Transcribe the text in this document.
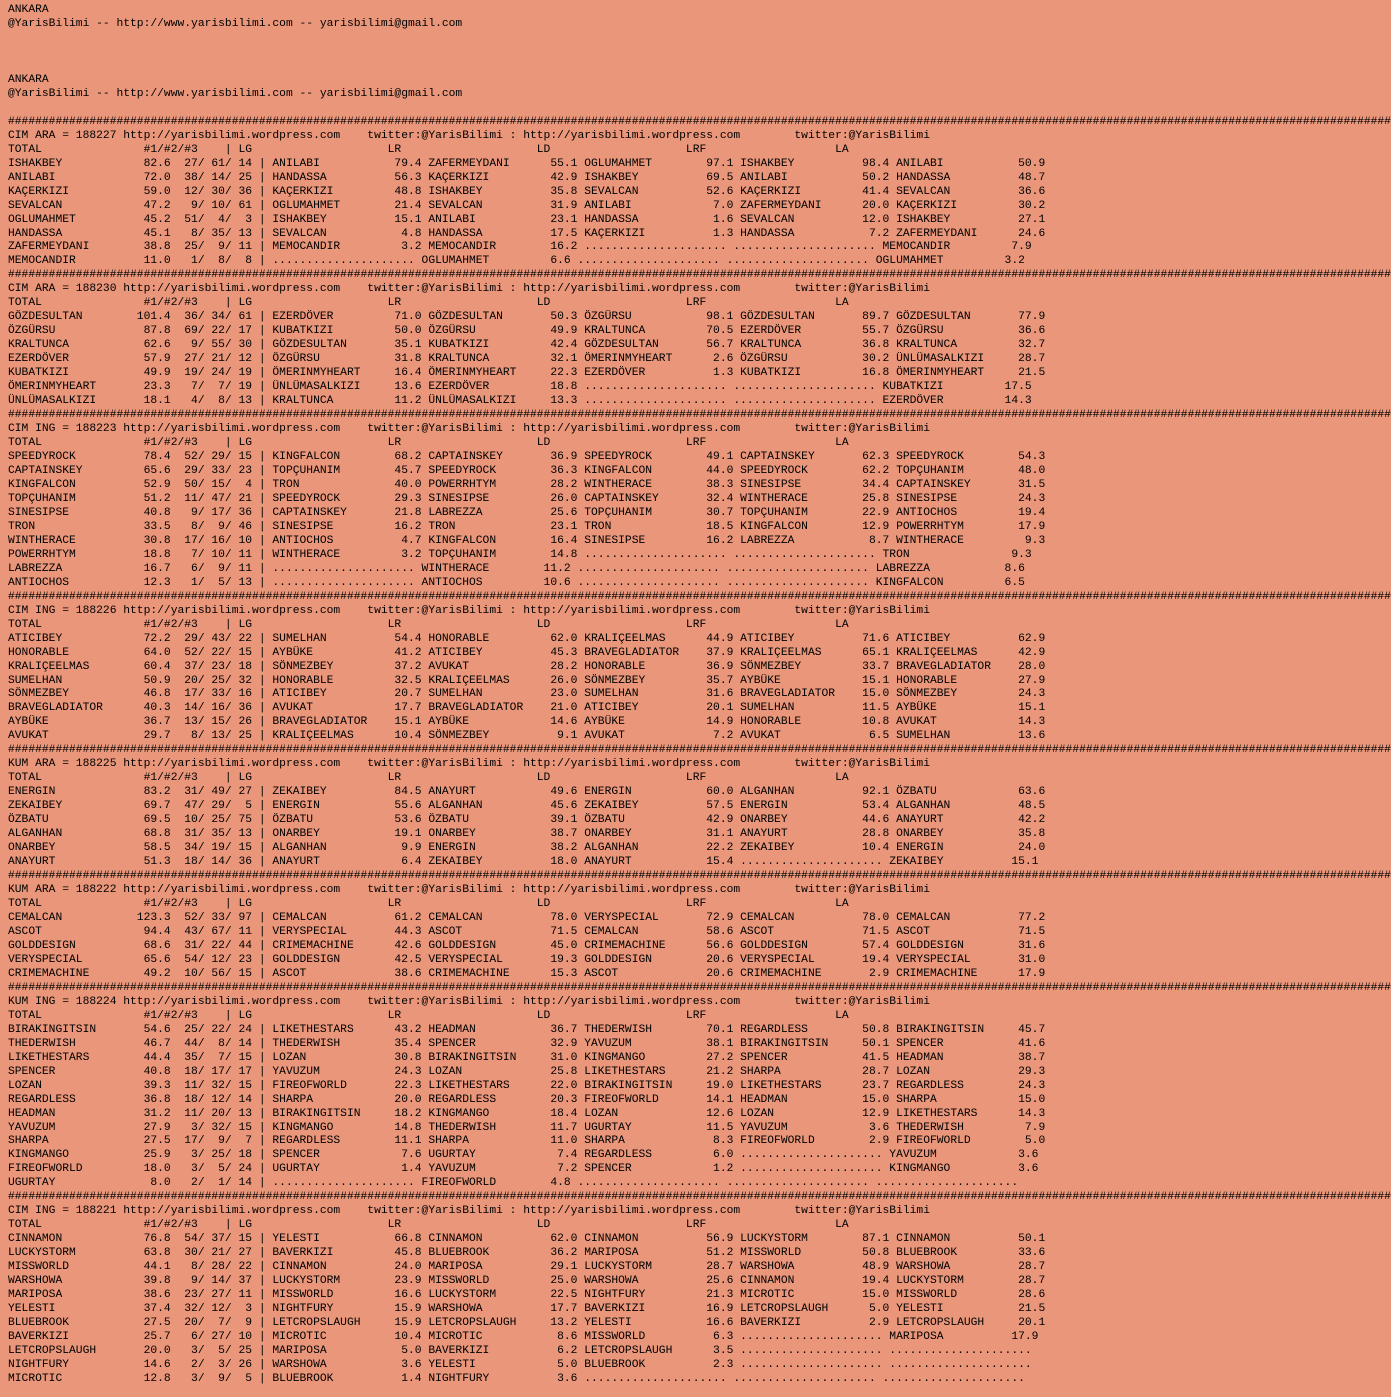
ANKARA
@YarisBilimi -- http://www.yarisbilimi.com -- yarisbilimi@gmail.com

ANKARA
@YarisBilimi -- http://www.yarisbilimi.com -- yarisbilimi@gmail.com

############################################################################################################################################################################################################
CIM ARA = 188227 http://yarisbilimi.wordpress.com    twitter:@YarisBilimi : http://yarisbilimi.wordpress.com        twitter:@YarisBilimi
TOTAL               #1/#2/#3    | LG                    LR                    LD                    LRF                   LA
ISHAKBEY            82.6  27/ 61/ 14 | ANILABI           79.4 ZAFERMEYDANI      55.1 OGLUMAHMET        97.1 ISHAKBEY          98.4 ANILABI           50.9
ANILABI             72.0  38/ 14/ 25 | HANDASSA          56.3 KAÇERKIZI         42.9 ISHAKBEY          69.5 ANILABI           50.2 HANDASSA          48.7
KAÇERKIZI           59.0  12/ 30/ 36 | KAÇERKIZI         48.8 ISHAKBEY          35.8 SEVALCAN          52.6 KAÇERKIZI         41.4 SEVALCAN          36.6
SEVALCAN            47.2   9/ 10/ 61 | OGLUMAHMET        21.4 SEVALCAN          31.9 ANILABI            7.0 ZAFERMEYDANI      20.0 KAÇERKIZI         30.2
OGLUMAHMET          45.2  51/  4/  3 | ISHAKBEY          15.1 ANILABI           23.1 HANDASSA           1.6 SEVALCAN          12.0 ISHAKBEY          27.1
HANDASSA            45.1   8/ 35/ 13 | SEVALCAN           4.8 HANDASSA          17.5 KAÇERKIZI          1.3 HANDASSA           7.2 ZAFERMEYDANI      24.6
ZAFERMEYDANI        38.8  25/  9/ 11 | MEMOCANDIR         3.2 MEMOCANDIR        16.2 ..................... ..................... MEMOCANDIR         7.9
MEMOCANDIR          11.0   1/  8/  8 | ..................... OGLUMAHMET         6.6 ..................... ..................... OGLUMAHMET         3.2
############################################################################################################################################################################################################
CIM ARA = 188230 http://yarisbilimi.wordpress.com    twitter:@YarisBilimi : http://yarisbilimi.wordpress.com        twitter:@YarisBilimi
TOTAL               #1/#2/#3    | LG                    LR                    LD                    LRF                   LA
GÖZDESULTAN        101.4  36/ 34/ 61 | EZERDÖVER         71.0 GÖZDESULTAN       50.3 ÖZGÜRSU           98.1 GÖZDESULTAN       89.7 GÖZDESULTAN       77.9
ÖZGÜRSU             87.8  69/ 22/ 17 | KUBATKIZI         50.0 ÖZGÜRSU           49.9 KRALTUNCA         70.5 EZERDÖVER         55.7 ÖZGÜRSU           36.6
KRALTUNCA           62.6   9/ 55/ 30 | GÖZDESULTAN       35.1 KUBATKIZI         42.4 GÖZDESULTAN       56.7 KRALTUNCA         36.8 KRALTUNCA         32.7
EZERDÖVER           57.9  27/ 21/ 12 | ÖZGÜRSU           31.8 KRALTUNCA         32.1 ÖMERINMYHEART      2.6 ÖZGÜRSU           30.2 ÜNLÜMASALKIZI     28.7
KUBATKIZI           49.9  19/ 24/ 19 | ÖMERINMYHEART     16.4 ÖMERINMYHEART     22.3 EZERDÖVER          1.3 KUBATKIZI         16.8 ÖMERINMYHEART     21.5
ÖMERINMYHEART       23.3   7/  7/ 19 | ÜNLÜMASALKIZI     13.6 EZERDÖVER         18.8 ..................... ..................... KUBATKIZI         17.5
ÜNLÜMASALKIZI       18.1   4/  8/ 13 | KRALTUNCA         11.2 ÜNLÜMASALKIZI     13.3 ..................... ..................... EZERDÖVER         14.3
############################################################################################################################################################################################################
CIM ING = 188223 http://yarisbilimi.wordpress.com    twitter:@YarisBilimi : http://yarisbilimi.wordpress.com        twitter:@YarisBilimi
TOTAL               #1/#2/#3    | LG                    LR                    LD                    LRF                   LA
SPEEDYROCK          78.4  52/ 29/ 15 | KINGFALCON        68.2 CAPTAINSKEY       36.9 SPEEDYROCK        49.1 CAPTAINSKEY       62.3 SPEEDYROCK        54.3
CAPTAINSKEY         65.6  29/ 33/ 23 | TOPÇUHANIM        45.7 SPEEDYROCK        36.3 KINGFALCON        44.0 SPEEDYROCK        62.2 TOPÇUHANIM        48.0
KINGFALCON          52.9  50/ 15/  4 | TRON              40.0 POWERRHTYM        28.2 WINTHERACE        38.3 SINESIPSE         34.4 CAPTAINSKEY       31.5
TOPÇUHANIM          51.2  11/ 47/ 21 | SPEEDYROCK        29.3 SINESIPSE         26.0 CAPTAINSKEY       32.4 WINTHERACE        25.8 SINESIPSE         24.3
SINESIPSE           40.8   9/ 17/ 36 | CAPTAINSKEY       21.8 LABREZZA          25.6 TOPÇUHANIM        30.7 TOPÇUHANIM        22.9 ANTIOCHOS         19.4
TRON                33.5   8/  9/ 46 | SINESIPSE         16.2 TRON              23.1 TRON              18.5 KINGFALCON        12.9 POWERRHTYM        17.9
WINTHERACE          30.8  17/ 16/ 10 | ANTIOCHOS          4.7 KINGFALCON        16.4 SINESIPSE         16.2 LABREZZA           8.7 WINTHERACE         9.3
POWERRHTYM          18.8   7/ 10/ 11 | WINTHERACE         3.2 TOPÇUHANIM        14.8 ..................... ..................... TRON               9.3
LABREZZA            16.7   6/  9/ 11 | ..................... WINTHERACE        11.2 ..................... ..................... LABREZZA           8.6
ANTIOCHOS           12.3   1/  5/ 13 | ..................... ANTIOCHOS         10.6 ..................... ..................... KINGFALCON         6.5
############################################################################################################################################################################################################
CIM ING = 188226 http://yarisbilimi.wordpress.com    twitter:@YarisBilimi : http://yarisbilimi.wordpress.com        twitter:@YarisBilimi
TOTAL               #1/#2/#3    | LG                    LR                    LD                    LRF                   LA
ATICIBEY            72.2  29/ 43/ 22 | SUMELHAN          54.4 HONORABLE         62.0 KRALIÇEELMAS      44.9 ATICIBEY          71.6 ATICIBEY          62.9
HONORABLE           64.0  52/ 22/ 15 | AYBÜKE            41.2 ATICIBEY          45.3 BRAVEGLADIATOR    37.9 KRALIÇEELMAS      65.1 KRALIÇEELMAS      42.9
KRALIÇEELMAS        60.4  37/ 23/ 18 | SÖNMEZBEY         37.2 AVUKAT            28.2 HONORABLE         36.9 SÖNMEZBEY         33.7 BRAVEGLADIATOR    28.0
SUMELHAN            50.9  20/ 25/ 32 | HONORABLE         32.5 KRALIÇEELMAS      26.0 SÖNMEZBEY         35.7 AYBÜKE            15.1 HONORABLE         27.9
SÖNMEZBEY           46.8  17/ 33/ 16 | ATICIBEY          20.7 SUMELHAN          23.0 SUMELHAN          31.6 BRAVEGLADIATOR    15.0 SÖNMEZBEY         24.3
BRAVEGLADIATOR      40.3  14/ 16/ 36 | AVUKAT            17.7 BRAVEGLADIATOR    21.0 ATICIBEY          20.1 SUMELHAN          11.5 AYBÜKE            15.1
AYBÜKE              36.7  13/ 15/ 26 | BRAVEGLADIATOR    15.1 AYBÜKE            14.6 AYBÜKE            14.9 HONORABLE         10.8 AVUKAT            14.3
AVUKAT              29.7   8/ 13/ 25 | KRALIÇEELMAS      10.4 SÖNMEZBEY          9.1 AVUKAT             7.2 AVUKAT             6.5 SUMELHAN          13.6
############################################################################################################################################################################################################
KUM ARA = 188225 http://yarisbilimi.wordpress.com    twitter:@YarisBilimi : http://yarisbilimi.wordpress.com        twitter:@YarisBilimi
TOTAL               #1/#2/#3    | LG                    LR                    LD                    LRF                   LA
ENERGIN             83.2  31/ 49/ 27 | ZEKAIBEY          84.5 ANAYURT           49.6 ENERGIN           60.0 ALGANHAN          92.1 ÖZBATU            63.6
ZEKAIBEY            69.7  47/ 29/  5 | ENERGIN           55.6 ALGANHAN          45.6 ZEKAIBEY          57.5 ENERGIN           53.4 ALGANHAN          48.5
ÖZBATU              69.5  10/ 25/ 75 | ÖZBATU            53.6 ÖZBATU            39.1 ÖZBATU            42.9 ONARBEY           44.6 ANAYURT           42.2
ALGANHAN            68.8  31/ 35/ 13 | ONARBEY           19.1 ONARBEY           38.7 ONARBEY           31.1 ANAYURT           28.8 ONARBEY           35.8
ONARBEY             58.5  34/ 19/ 15 | ALGANHAN           9.9 ENERGIN           38.2 ALGANHAN          22.2 ZEKAIBEY          10.4 ENERGIN           24.0
ANAYURT             51.3  18/ 14/ 36 | ANAYURT            6.4 ZEKAIBEY          18.0 ANAYURT           15.4 ..................... ZEKAIBEY          15.1
############################################################################################################################################################################################################
KUM ARA = 188222 http://yarisbilimi.wordpress.com    twitter:@YarisBilimi : http://yarisbilimi.wordpress.com        twitter:@YarisBilimi
TOTAL               #1/#2/#3    | LG                    LR                    LD                    LRF                   LA
CEMALCAN           123.3  52/ 33/ 97 | CEMALCAN          61.2 CEMALCAN          78.0 VERYSPECIAL       72.9 CEMALCAN          78.0 CEMALCAN          77.2
ASCOT               94.4  43/ 67/ 11 | VERYSPECIAL       44.3 ASCOT             71.5 CEMALCAN          58.6 ASCOT             71.5 ASCOT             71.5
GOLDDESIGN          68.6  31/ 22/ 44 | CRIMEMACHINE      42.6 GOLDDESIGN        45.0 CRIMEMACHINE      56.6 GOLDDESIGN        57.4 GOLDDESIGN        31.6
VERYSPECIAL         65.6  54/ 12/ 23 | GOLDDESIGN        42.5 VERYSPECIAL       19.3 GOLDDESIGN        20.6 VERYSPECIAL       19.4 VERYSPECIAL       31.0
CRIMEMACHINE        49.2  10/ 56/ 15 | ASCOT             38.6 CRIMEMACHINE      15.3 ASCOT             20.6 CRIMEMACHINE       2.9 CRIMEMACHINE      17.9
############################################################################################################################################################################################################
KUM ING = 188224 http://yarisbilimi.wordpress.com    twitter:@YarisBilimi : http://yarisbilimi.wordpress.com        twitter:@YarisBilimi
TOTAL               #1/#2/#3    | LG                    LR                    LD                    LRF                   LA
BIRAKINGITSIN       54.6  25/ 22/ 24 | LIKETHESTARS      43.2 HEADMAN           36.7 THEDERWISH        70.1 REGARDLESS        50.8 BIRAKINGITSIN     45.7
THEDERWISH          46.7  44/  8/ 14 | THEDERWISH        35.4 SPENCER           32.9 YAVUZUM           38.1 BIRAKINGITSIN     50.1 SPENCER           41.6
LIKETHESTARS        44.4  35/  7/ 15 | LOZAN             30.8 BIRAKINGITSIN     31.0 KINGMANGO         27.2 SPENCER           41.5 HEADMAN           38.7
SPENCER             40.8  18/ 17/ 17 | YAVUZUM           24.3 LOZAN             25.8 LIKETHESTARS      21.2 SHARPA            28.7 LOZAN             29.3
LOZAN               39.3  11/ 32/ 15 | FIREOFWORLD       22.3 LIKETHESTARS      22.0 BIRAKINGITSIN     19.0 LIKETHESTARS      23.7 REGARDLESS        24.3
REGARDLESS          36.8  18/ 12/ 14 | SHARPA            20.0 REGARDLESS        20.3 FIREOFWORLD       14.1 HEADMAN           15.0 SHARPA            15.0
HEADMAN             31.2  11/ 20/ 13 | BIRAKINGITSIN     18.2 KINGMANGO         18.4 LOZAN             12.6 LOZAN             12.9 LIKETHESTARS      14.3
YAVUZUM             27.9   3/ 32/ 15 | KINGMANGO         14.8 THEDERWISH        11.7 UGURTAY           11.5 YAVUZUM            3.6 THEDERWISH         7.9
SHARPA              27.5  17/  9/  7 | REGARDLESS        11.1 SHARPA            11.0 SHARPA             8.3 FIREOFWORLD        2.9 FIREOFWORLD        5.0
KINGMANGO           25.9   3/ 25/ 18 | SPENCER            7.6 UGURTAY            7.4 REGARDLESS         6.0 ..................... YAVUZUM            3.6
FIREOFWORLD         18.0   3/  5/ 24 | UGURTAY            1.4 YAVUZUM            7.2 SPENCER            1.2 ..................... KINGMANGO          3.6
UGURTAY              8.0   2/  1/ 14 | ..................... FIREOFWORLD        4.8 ..................... ..................... .....................
############################################################################################################################################################################################################
CIM ING = 188221 http://yarisbilimi.wordpress.com    twitter:@YarisBilimi : http://yarisbilimi.wordpress.com        twitter:@YarisBilimi
TOTAL               #1/#2/#3    | LG                    LR                    LD                    LRF                   LA
CINNAMON            76.8  54/ 37/ 15 | YELESTI           66.8 CINNAMON          62.0 CINNAMON          56.9 LUCKYSTORM        87.1 CINNAMON          50.1
LUCKYSTORM          63.8  30/ 21/ 27 | BAVERKIZI         45.8 BLUEBROOK         36.2 MARIPOSA          51.2 MISSWORLD         50.8 BLUEBROOK         33.6
MISSWORLD           44.1   8/ 28/ 22 | CINNAMON          24.0 MARIPOSA          29.1 LUCKYSTORM        28.7 WARSHOWA          48.9 WARSHOWA          28.7
WARSHOWA            39.8   9/ 14/ 37 | LUCKYSTORM        23.9 MISSWORLD         25.0 WARSHOWA          25.6 CINNAMON          19.4 LUCKYSTORM        28.7
MARIPOSA            38.6  23/ 27/ 11 | MISSWORLD         16.6 LUCKYSTORM        22.5 NIGHTFURY         21.3 MICROTIC          15.0 MISSWORLD         28.6
YELESTI             37.4  32/ 12/  3 | NIGHTFURY         15.9 WARSHOWA          17.7 BAVERKIZI         16.9 LETCROPSLAUGH      5.0 YELESTI           21.5
BLUEBROOK           27.5  20/  7/  9 | LETCROPSLAUGH     15.9 LETCROPSLAUGH     13.2 YELESTI           16.6 BAVERKIZI          2.9 LETCROPSLAUGH     20.1
BAVERKIZI           25.7   6/ 27/ 10 | MICROTIC          10.4 MICROTIC           8.6 MISSWORLD          6.3 ..................... MARIPOSA          17.9
LETCROPSLAUGH       20.0   3/  5/ 25 | MARIPOSA           5.0 BAVERKIZI          6.2 LETCROPSLAUGH      3.5 ..................... .....................
NIGHTFURY           14.6   2/  3/ 26 | WARSHOWA           3.6 YELESTI            5.0 BLUEBROOK          2.3 ..................... .....................
MICROTIC            12.8   3/  9/  5 | BLUEBROOK          1.4 NIGHTFURY          3.6 ..................... ..................... .....................
